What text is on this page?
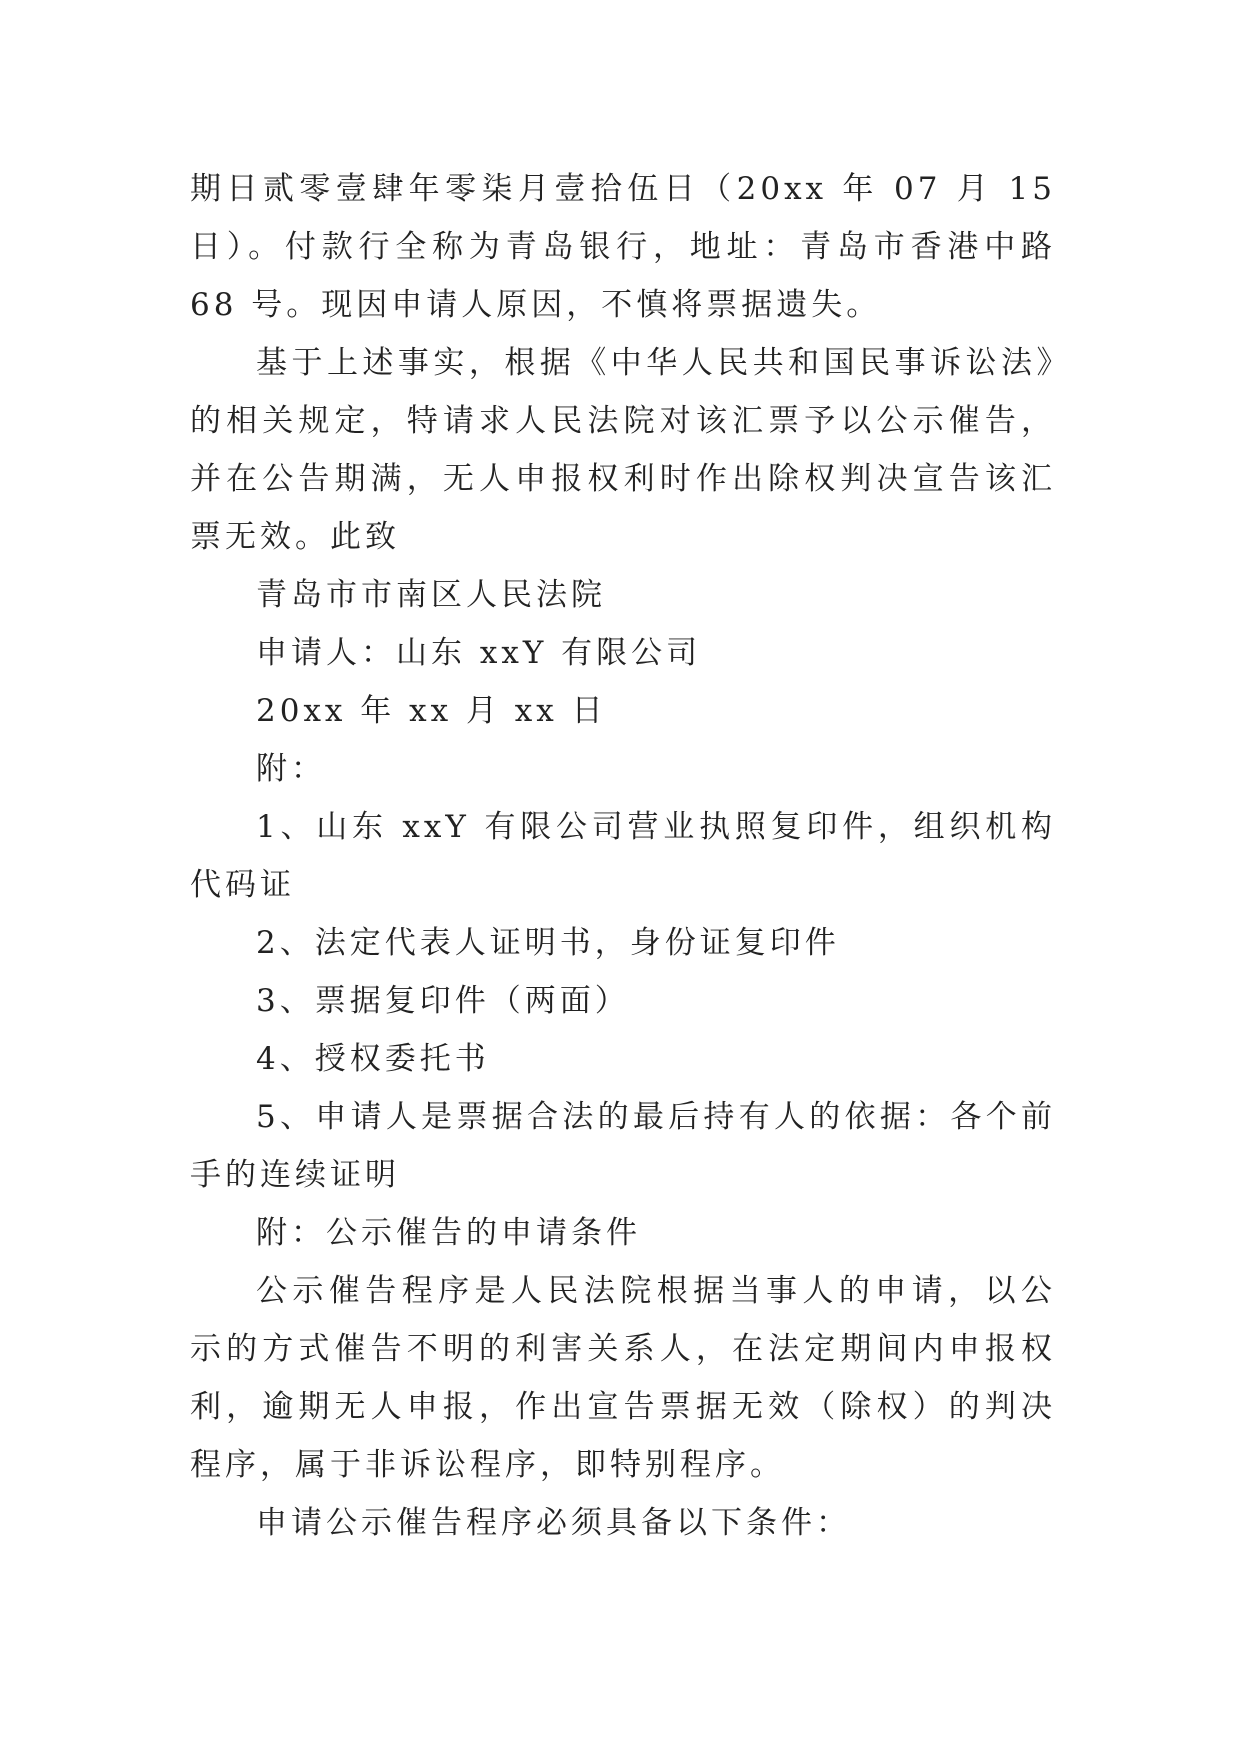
期日贰零壹肆年零柒月壹拾伍日（20xx 年 07 月 15 日）。付款行全称为青岛银行，地址：青岛市香港中路 68 号。现因申请人原因，不慎将票据遗失。

基于上述事实，根据《中华人民共和国民事诉讼法》的相关规定，特请求人民法院对该汇票予以公示催告，并在公告期满，无人申报权利时作出除权判决宣告该汇票无效。此致

青岛市市南区人民法院

申请人：山东 xxY 有限公司

20xx 年 xx 月 xx 日

附：

1、山东 xxY 有限公司营业执照复印件，组织机构代码证

2、法定代表人证明书，身份证复印件

3、票据复印件（两面）

4、授权委托书

5、申请人是票据合法的最后持有人的依据：各个前手的连续证明

附：公示催告的申请条件

公示催告程序是人民法院根据当事人的申请，以公示的方式催告不明的利害关系人，在法定期间内申报权利，逾期无人申报，作出宣告票据无效（除权）的判决程序，属于非诉讼程序，即特别程序。

申请公示催告程序必须具备以下条件：
